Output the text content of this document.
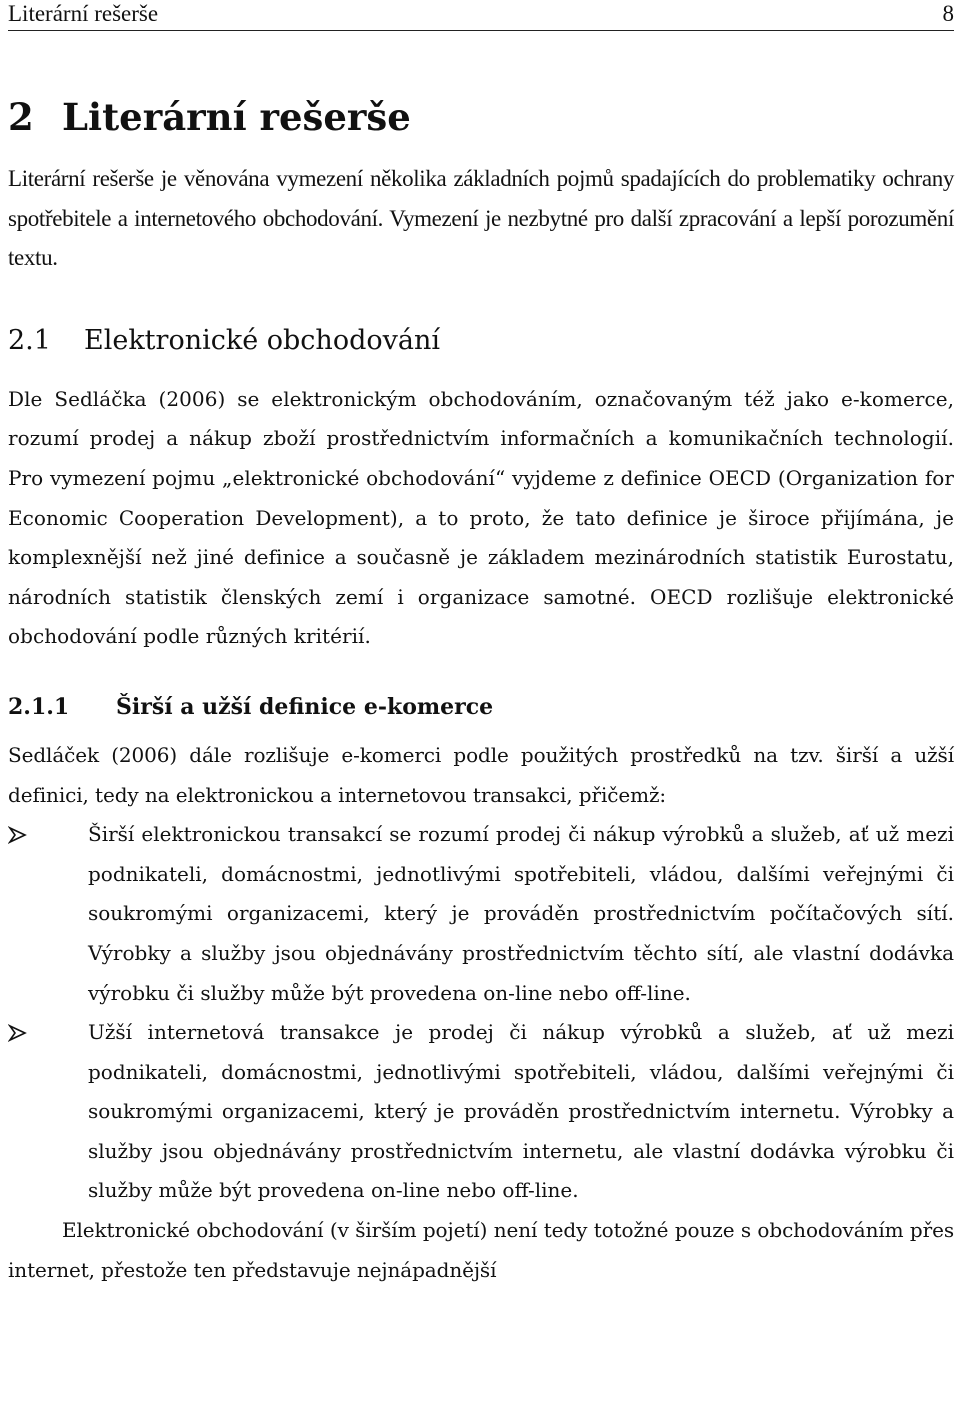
Literární rešerše	8
2 Literární rešerše

Literární rešerše je věnována vymezení několika základních pojmů spadajících do problematiky ochrany spotřebitele a internetového obchodování. Vymezení je nezbytné pro další zpracování a lepší porozumění textu.

2.1	Elektronické obchodování

Dle Sedláčka (2006) se elektronickým obchodováním, označovaným též jako e-komerce, rozumí prodej a nákup zboží prostřednictvím informačních a komunikačních technologií. Pro vymezení pojmu „elektronické obchodování“ vyjdeme z definice OECD (Organization for Economic Cooperation Development), a to proto, že tato definice je široce přijímána, je komplexnější než jiné definice a současně je základem mezinárodních statistik Eurostatu, národních statistik členských zemí i organizace samotné. OECD rozlišuje elektronické obchodování podle různých kritérií.

2.1.1	Širší a užší definice e-komerce

Sedláček (2006) dále rozlišuje e-komerci podle použitých prostředků na tzv. širší a užší definici, tedy na elektronickou a internetovou transakci, přičemž:

Širší elektronickou transakcí se rozumí prodej či nákup výrobků a služeb, ať už mezi podnikateli, domácnostmi, jednotlivými spotřebiteli, vládou, dalšími veřejnými či soukromými organizacemi, který je prováděn prostřednictvím počítačových sítí. Výrobky a služby jsou objednávány prostřednictvím těchto sítí, ale vlastní dodávka výrobku či služby může být provedena on-line nebo off-line.
Užší internetová transakce je prodej či nákup výrobků a služeb, ať už mezi podnikateli, domácnostmi, jednotlivými spotřebiteli, vládou, dalšími veřejnými či soukromými organizacemi, který je prováděn prostřednictvím internetu. Výrobky a služby jsou objednávány prostřednictvím internetu, ale vlastní dodávka výrobku či služby může být provedena on-line nebo off-line.

Elektronické obchodování (v širším pojetí) není tedy totožné pouze s obchodováním přes internet, přestože ten představuje nejnápadnější
